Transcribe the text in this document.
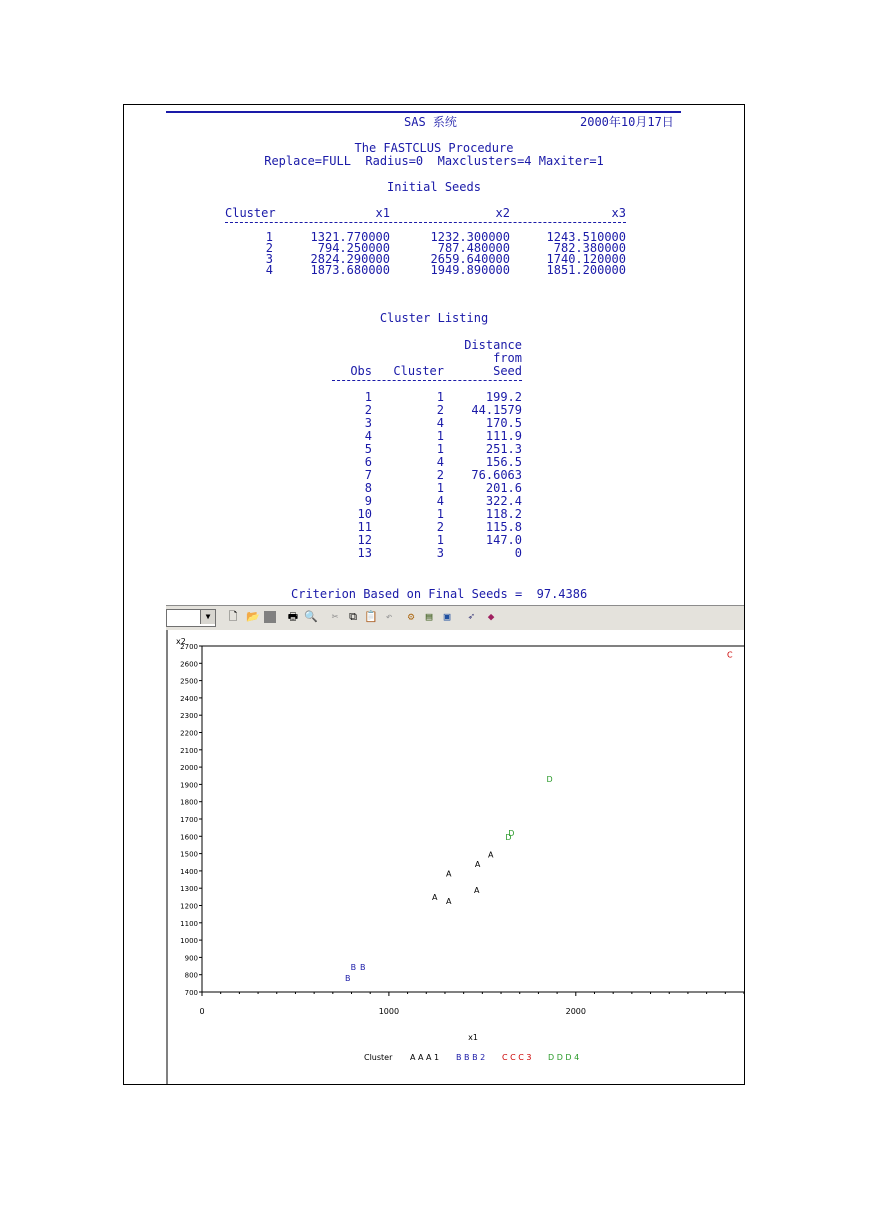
SAS 系统	2000年10月17日
The FASTCLUS Procedure
Replace=FULL  Radius=0  Maxclusters=4 Maxiter=1
Initial Seeds
Cluster	x1	x2	x3
1	1321.770000	1232.300000	1243.510000
2	794.250000	787.480000	782.380000
3	2824.290000	2659.640000	1740.120000
4	1873.680000	1949.890000	1851.200000
Cluster Listing
Distance
from
Obs	Cluster	Seed
1	1	199.2
2	2	44.1579
3	4	170.5
4	1	111.9
5	1	251.3
6	4	156.5
7	2	76.6063
8	1	201.6
9	4	322.4
10	1	118.2
11	2	115.8
12	1	147.0
13	3	0
Criterion Based on Final Seeds =  97.4386
▼	🗋 📂	🖶 🔍	✂ ⧉ 📋 ↶	⚙	▤	▣	➶	◆
x2
700
800
900
1000
1100
1200
1300
1400
1500
1600
1700
1800
1900
2000
2100
2200
2300
2400
2500
2600
2700
0	1000	2000
x1
A A
A
A
A
A
B
B B
C
D
D
D
Cluster A A A 1 B B B 2 C C C 3 D D D 4
